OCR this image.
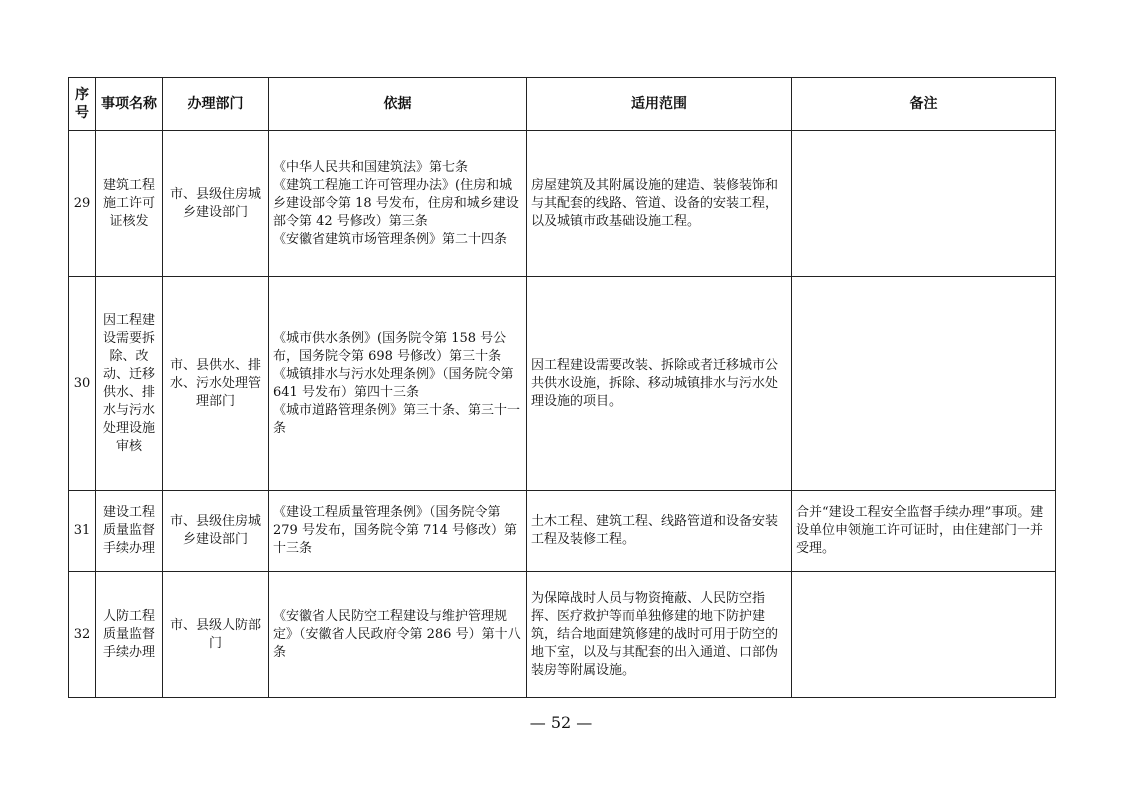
序号	事项名称	办理部门	依据	适用范围	备注
29	建筑工程施工许可证核发	市、县级住房城乡建设部门	《中华人民共和国建筑法》第七条
《建筑工程施工许可管理办法》(住房和城乡建设部令第 18 号发布，住房和城乡建设部令第 42 号修改）第三条
《安徽省建筑市场管理条例》第二十四条	房屋建筑及其附属设施的建造、装修装饰和与其配套的线路、管道、设备的安装工程，以及城镇市政基础设施工程。	
30	因工程建设需要拆除、改动、迁移供水、排水与污水处理设施审核	市、县供水、排水、污水处理管理部门	《城市供水条例》(国务院令第 158 号公布，国务院令第 698 号修改）第三十条
《城镇排水与污水处理条例》（国务院令第 641 号发布）第四十三条
《城市道路管理条例》第三十条、第三十一条	因工程建设需要改装、拆除或者迁移城市公共供水设施，拆除、移动城镇排水与污水处理设施的项目。	
31	建设工程质量监督手续办理	市、县级住房城乡建设部门	《建设工程质量管理条例》（国务院令第 279 号发布，国务院令第 714 号修改）第十三条	土木工程、建筑工程、线路管道和设备安装工程及装修工程。	合并“建设工程安全监督手续办理”事项。建设单位申领施工许可证时，由住建部门一并受理。
32	人防工程质量监督手续办理	市、县级人防部门	《安徽省人民防空工程建设与维护管理规定》（安徽省人民政府令第 286 号）第十八条	为保障战时人员与物资掩蔽、人民防空指挥、医疗救护等而单独修建的地下防护建筑，结合地面建筑修建的战时可用于防空的地下室，以及与其配套的出入通道、口部伪装房等附属设施。	
— 52 —
